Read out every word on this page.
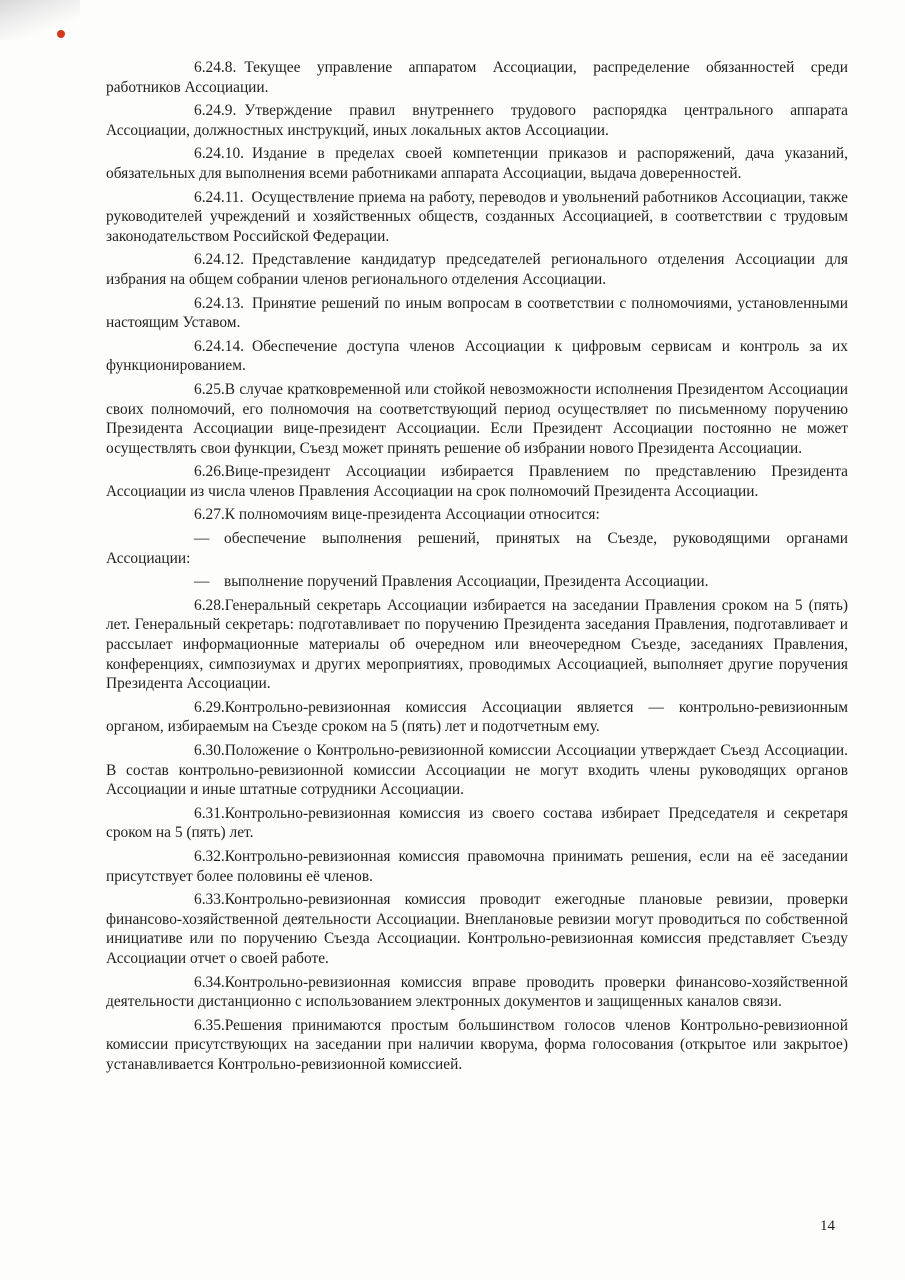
6.24.8. Текущее управление аппаратом Ассоциации, распределение обязанностей среди работников Ассоциации.

6.24.9. Утверждение правил внутреннего трудового распорядка центрального аппарата Ассоциации, должностных инструкций, иных локальных актов Ассоциации.

6.24.10. Издание в пределах своей компетенции приказов и распоряжений, дача указаний, обязательных для выполнения всеми работниками аппарата Ассоциации, выдача доверенностей.

6.24.11. Осуществление приема на работу, переводов и увольнений работников Ассоциации, также руководителей учреждений и хозяйственных обществ, созданных Ассоциацией, в соответствии с трудовым законодательством Российской Федерации.

6.24.12. Представление кандидатур председателей регионального отделения Ассоциации для избрания на общем собрании членов регионального отделения Ассоциации.

6.24.13. Принятие решений по иным вопросам в соответствии с полномочиями, установленными настоящим Уставом.

6.24.14. Обеспечение доступа членов Ассоциации к цифровым сервисам и контроль за их функционированием.

6.25.В случае кратковременной или стойкой невозможности исполнения Президентом Ассоциации своих полномочий, его полномочия на соответствующий период осуществляет по письменному поручению Президента Ассоциации вице-президент Ассоциации. Если Президент Ассоциации постоянно не может осуществлять свои функции, Съезд может принять решение об избрании нового Президента Ассоциации.

6.26.Вице-президент Ассоциации избирается Правлением по представлению Президента Ассоциации из числа членов Правления Ассоциации на срок полномочий Президента Ассоциации.

6.27.К полномочиям вице-президента Ассоциации относится:

— обеспечение выполнения решений, принятых на Съезде, руководящими органами Ассоциации:

— выполнение поручений Правления Ассоциации, Президента Ассоциации.

6.28.Генеральный секретарь Ассоциации избирается на заседании Правления сроком на 5 (пять) лет. Генеральный секретарь: подготавливает по поручению Президента заседания Правления, подготавливает и рассылает информационные материалы об очередном или внеочередном Съезде, заседаниях Правления, конференциях, симпозиумах и других мероприятиях, проводимых Ассоциацией, выполняет другие поручения Президента Ассоциации.

6.29.Контрольно-ревизионная комиссия Ассоциации является — контрольно-ревизионным органом, избираемым на Съезде сроком на 5 (пять) лет и подотчетным ему.

6.30.Положение о Контрольно-ревизионной комиссии Ассоциации утверждает Съезд Ассоциации. В состав контрольно-ревизионной комиссии Ассоциации не могут входить члены руководящих органов Ассоциации и иные штатные сотрудники Ассоциации.

6.31.Контрольно-ревизионная комиссия из своего состава избирает Председателя и секретаря сроком на 5 (пять) лет.

6.32.Контрольно-ревизионная комиссия правомочна принимать решения, если на её заседании присутствует более половины её членов.

6.33.Контрольно-ревизионная комиссия проводит ежегодные плановые ревизии, проверки финансово-хозяйственной деятельности Ассоциации. Внеплановые ревизии могут проводиться по собственной инициативе или по поручению Съезда Ассоциации. Контрольно-ревизионная комиссия представляет Съезду Ассоциации отчет о своей работе.

6.34.Контрольно-ревизионная комиссия вправе проводить проверки финансово-хозяйственной деятельности дистанционно с использованием электронных документов и защищенных каналов связи.

6.35.Решения принимаются простым большинством голосов членов Контрольно-ревизионной комиссии присутствующих на заседании при наличии кворума, форма голосования (открытое или закрытое) устанавливается Контрольно-ревизионной комиссией.

14
